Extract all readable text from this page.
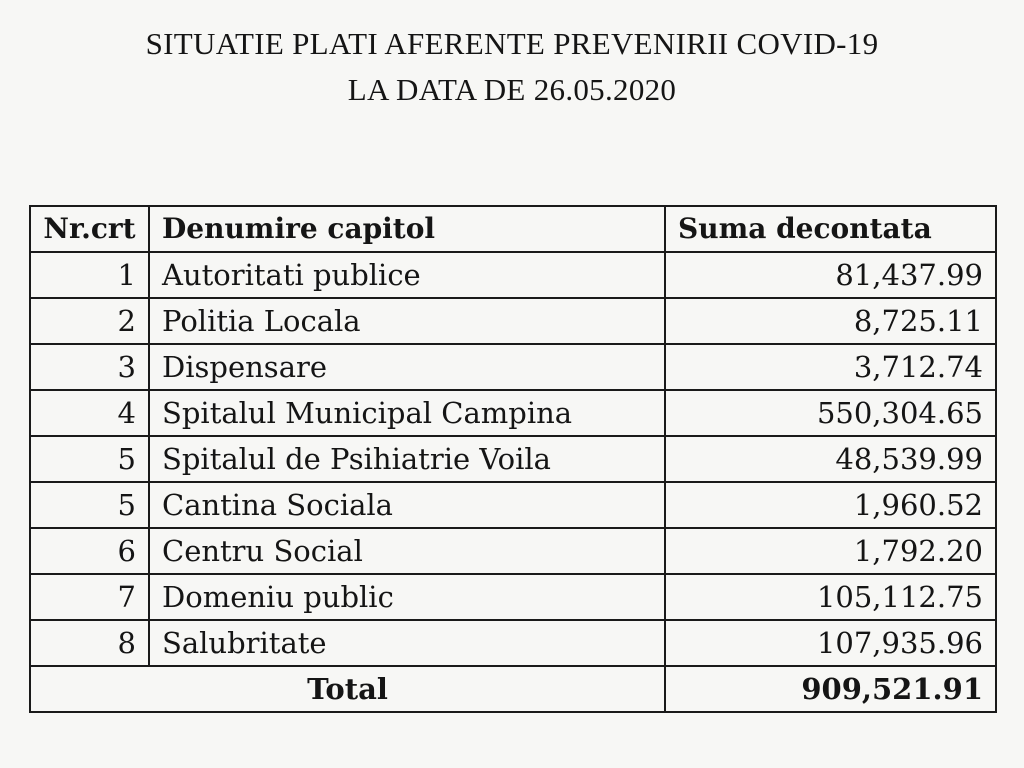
SITUATIE PLATI AFERENTE PREVENIRII COVID-19
LA DATA DE 26.05.2020
Nr.crt	Denumire capitol	Suma decontata
1	Autoritati publice	81,437.99
2	Politia Locala	8,725.11
3	Dispensare	3,712.74
4	Spitalul Municipal Campina	550,304.65
5	Spitalul de Psihiatrie Voila	48,539.99
5	Cantina Sociala	1,960.52
6	Centru Social	1,792.20
7	Domeniu public	105,112.75
8	Salubritate	107,935.96
Total		909,521.91
